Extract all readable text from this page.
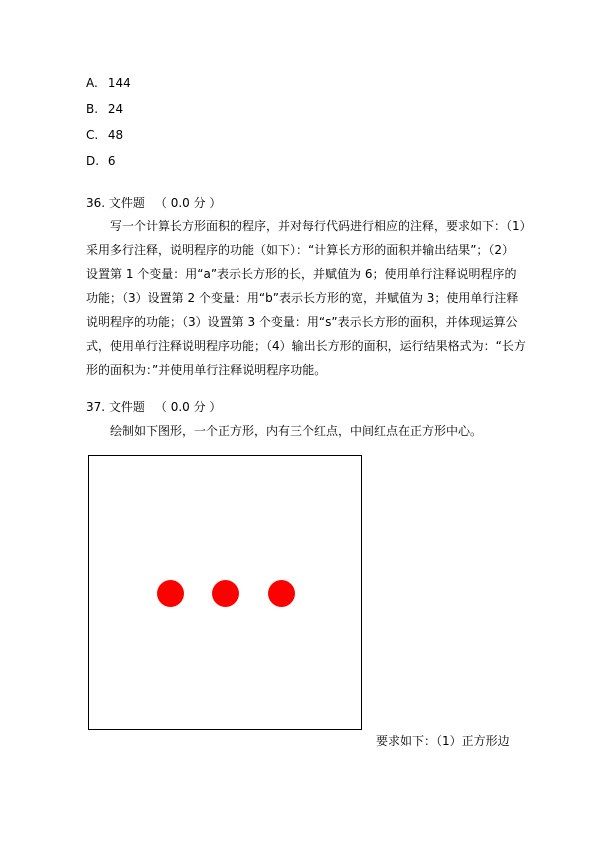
A. 144
B. 24
C. 48
D. 6
36. 文件题 （ 0.0 分 ）

写一个计算长方形面积的程序，并对每行代码进行相应的注释，要求如下：（1）采用多行注释，说明程序的功能（如下）：“计算长方形的面积并输出结果”；（2）设置第 1 个变量：用“a”表示长方形的长，并赋值为 6；使用单行注释说明程序的功能；（3）设置第 2 个变量：用“b”表示长方形的宽，并赋值为 3；使用单行注释说明程序的功能；（3）设置第 3 个变量：用“s”表示长方形的面积，并体现运算公式，使用单行注释说明程序功能；（4）输出长方形的面积，运行结果格式为：“长方形的面积为：”并使用单行注释说明程序功能。

37. 文件题 （ 0.0 分 ）

绘制如下图形，一个正方形，内有三个红点，中间红点在正方形中心。

要求如下：（1）正方形边
